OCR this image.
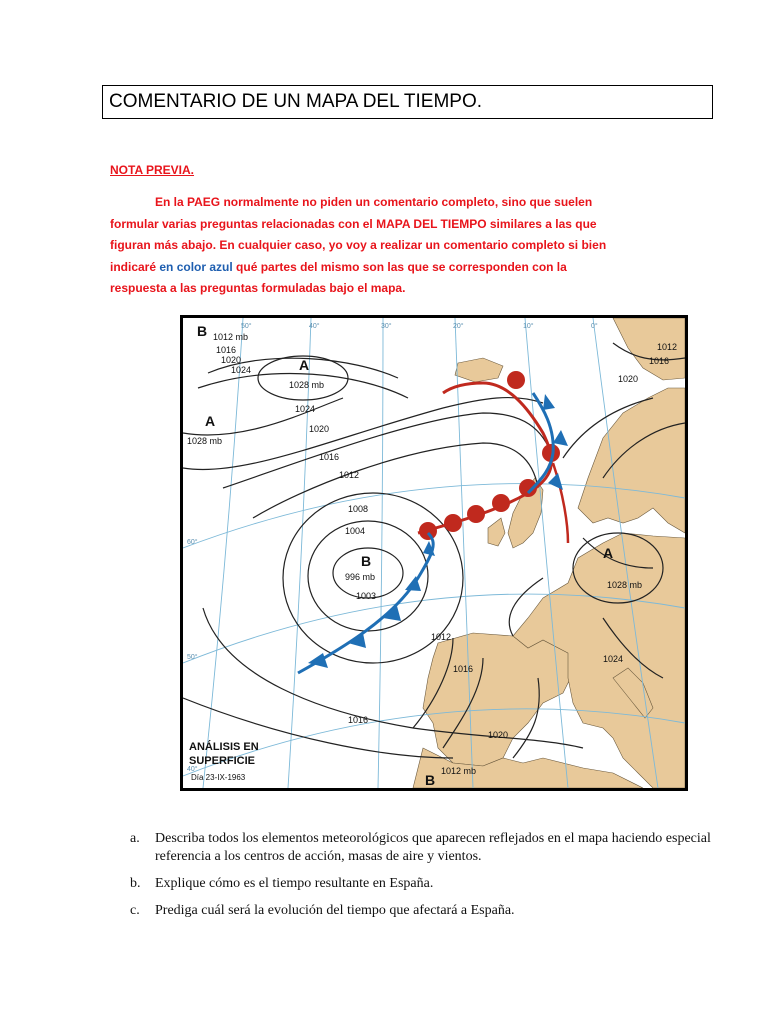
COMENTARIO DE UN MAPA DEL TIEMPO.
NOTA PREVIA.
En la PAEG normalmente no piden un comentario completo, sino que suelen formular varias preguntas relacionadas con el MAPA DEL TIEMPO similares a las que figuran más abajo. En cualquier caso, yo voy a realizar un comentario completo si bien indicaré en color azul qué partes del mismo son las que se corresponden con la respuesta a las preguntas formuladas bajo el mapa.
50°	40°	30°	20°	10°	0°
60°
50°
40°
B 1012 mb
A
1028 mb
A
1028 mb
B
996 mb
A
1028 mb
B
1012 mb
1016
1020
1024
1024
1020
1016
1012
1008
1004
1003
1012
1016
1020
1012
1016
1020
1024
1016
ANÁLISIS EN
SUPERFICIE
Día 23-IX-1963
a.	Describa todos los elementos meteorológicos que aparecen reflejados en el mapa haciendo especial referencia a los centros de acción, masas de aire y vientos.
b.	Explique cómo es el tiempo resultante en España.
c.	Prediga cuál será la evolución del tiempo que afectará a España.
